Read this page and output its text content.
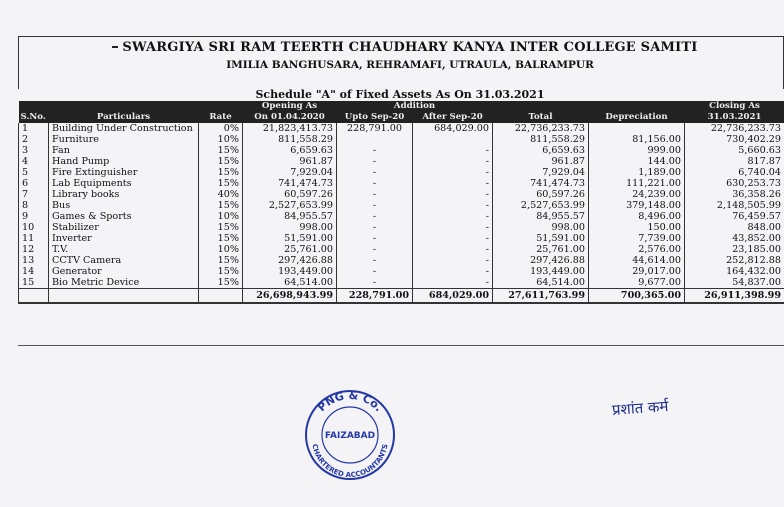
SWARGIYA SRI RAM TEERTH CHAUDHARY KANYA INTER COLLEGE SAMITI
IMILIA BANGHUSARA, REHRAMAFI, UTRAULA, BALRAMPUR
Schedule "A" of Fixed Assets As On 31.03.2021
			Opening As	Addition				Closing As
S.No.	Particulars	Rate	On 01.04.2020	Upto Sep-20	After Sep-20	Total	Depreciation	31.03.2021
1	Building Under Construction	0%	21,823,413.73	228,791.00	684,029.00	22,736,233.73		22,736,233.73
2	Furniture	10%	811,558.29			811,558.29	81,156.00	730,402.29
3	Fan	15%	6,659.63	-	-	6,659.63	999.00	5,660.63
4	Hand Pump	15%	961.87	-	-	961.87	144.00	817.87
5	Fire Extinguisher	15%	7,929.04	-	-	7,929.04	1,189.00	6,740.04
6	Lab Equipments	15%	741,474.73	-	-	741,474.73	111,221.00	630,253.73
7	Library books	40%	60,597.26	-	-	60,597.26	24,239.00	36,358.26
8	Bus	15%	2,527,653.99	-	-	2,527,653.99	379,148.00	2,148,505.99
9	Games & Sports	10%	84,955.57	-	-	84,955.57	8,496.00	76,459.57
10	Stabilizer	15%	998.00	-	-	998.00	150.00	848.00
11	Inverter	15%	51,591.00	-	-	51,591.00	7,739.00	43,852.00
12	T.V.	10%	25,761.00	-	-	25,761.00	2,576.00	23,185.00
13	CCTV Camera	15%	297,426.88	-	-	297,426.88	44,614.00	252,812.88
14	Generator	15%	193,449.00	-	-	193,449.00	29,017.00	164,432.00
15	Bio Metric Device	15%	64,514.00	-	-	64,514.00	9,677.00	54,837.00
			26,698,943.99	228,791.00	684,029.00	27,611,763.99	700,365.00	26,911,398.99
PNG & Co.
CHARTERED ACCOUNTANTS
FAIZABAD
प्रशांत कर्म
